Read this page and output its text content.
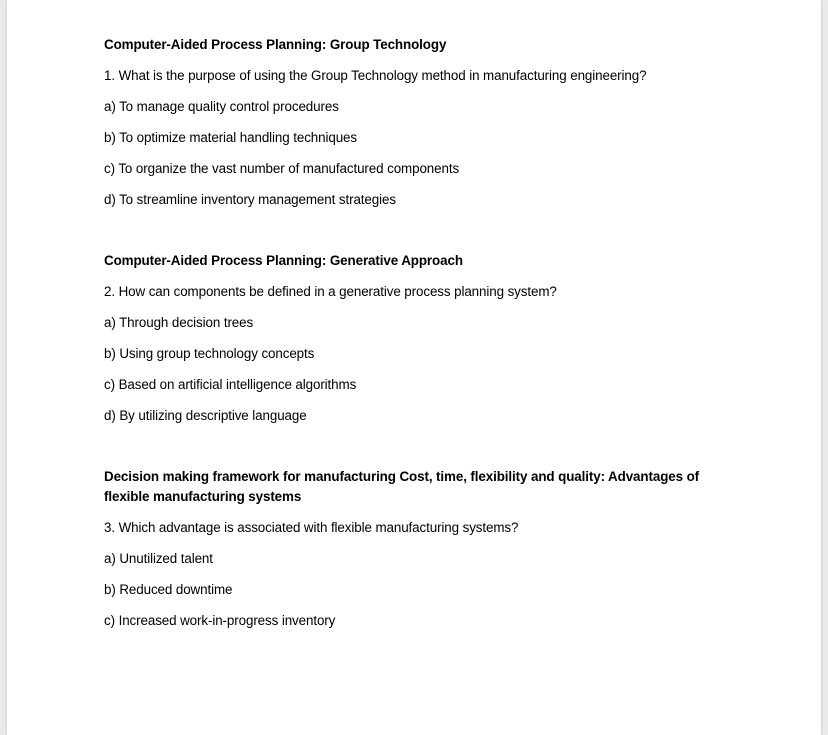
Computer-Aided Process Planning: Group Technology
1. What is the purpose of using the Group Technology method in manufacturing engineering?
a) To manage quality control procedures
b) To optimize material handling techniques
c) To organize the vast number of manufactured components
d) To streamline inventory management strategies
Computer-Aided Process Planning: Generative Approach
2. How can components be defined in a generative process planning system?
a) Through decision trees
b) Using group technology concepts
c) Based on artificial intelligence algorithms
d) By utilizing descriptive language
Decision making framework for manufacturing Cost, time, flexibility and quality: Advantages of flexible manufacturing systems
3. Which advantage is associated with flexible manufacturing systems?
a) Unutilized talent
b) Reduced downtime
c) Increased work-in-progress inventory
